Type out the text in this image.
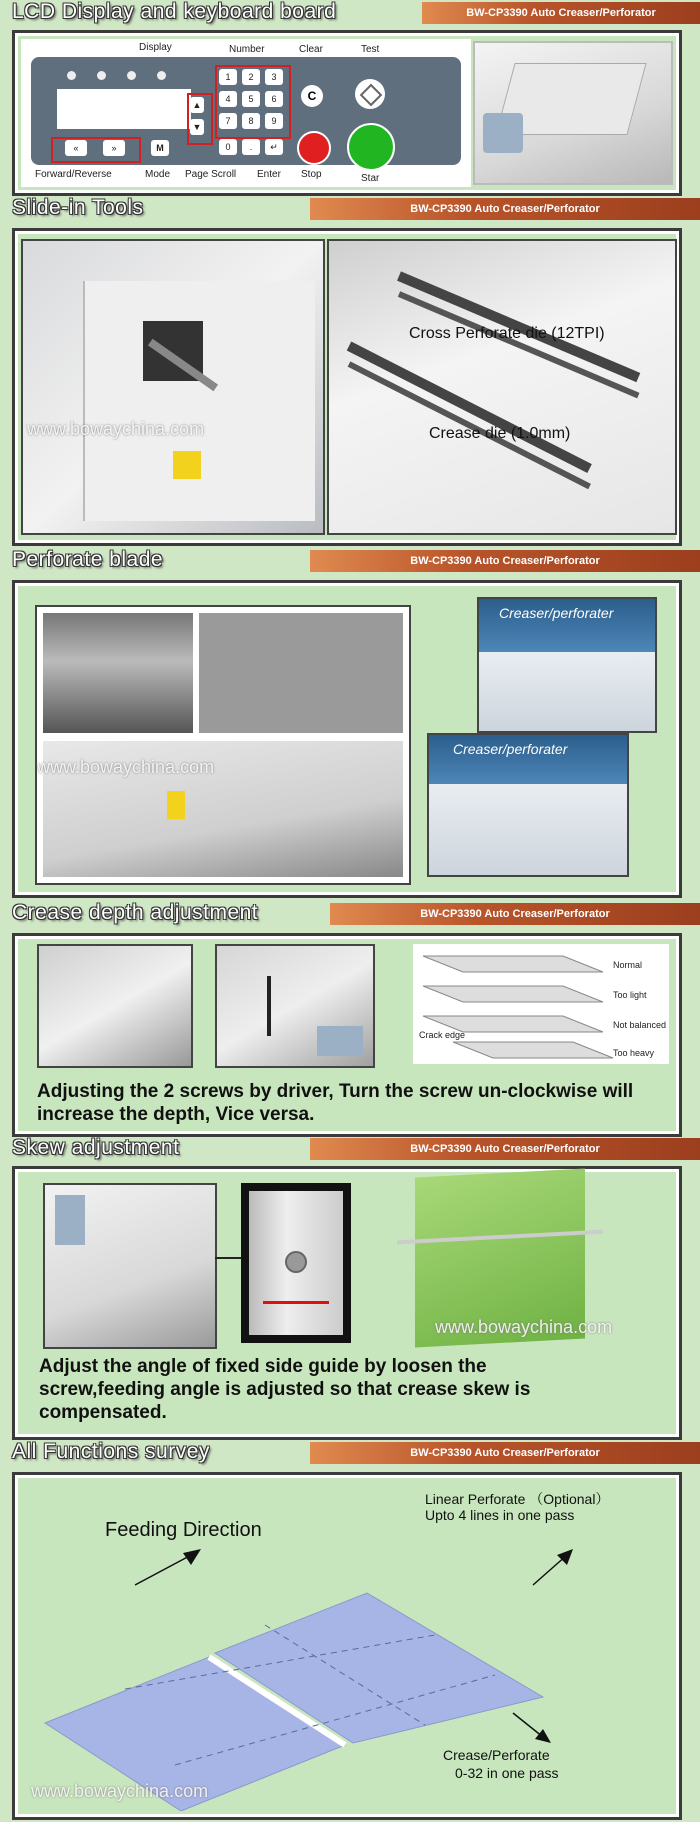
LCD Display and keyboard board	BW-CP3390 Auto Creaser/Perforator
Display
«	»
Forward/Reverse
M
Mode
▲
▼
Page Scroll
Number
1	2	3
4	5	6
7	8	9
0	.	↵
Enter
Clear
C
Stop
Test
Star
Slide-in Tools	BW-CP3390 Auto Creaser/Perforator
www.bowaychina.com
Cross Perforate die (12TPI)
Crease die (1.0mm)
Perforate blade	BW-CP3390 Auto Creaser/Perforator
www.bowaychina.com
Creaser/perforater
Creaser/perforater
Crease depth adjustment	BW-CP3390 Auto Creaser/Perforator
Normal
Too light
Not balanced
Too heavy
Crack edge
Adjusting the 2 screws by driver, Turn the screw un-clockwise will increase the depth, Vice versa.
Skew adjustment	BW-CP3390 Auto Creaser/Perforator
www.bowaychina.com
Adjust the angle of fixed side guide by loosen the screw,feeding angle is adjusted so that crease skew is compensated.
All Functions survey	BW-CP3390 Auto Creaser/Perforator
Feeding Direction
Linear Perforate （Optional）
Upto 4 lines in one pass
Crease/Perforate
0-32 in one pass
www.bowaychina.com
